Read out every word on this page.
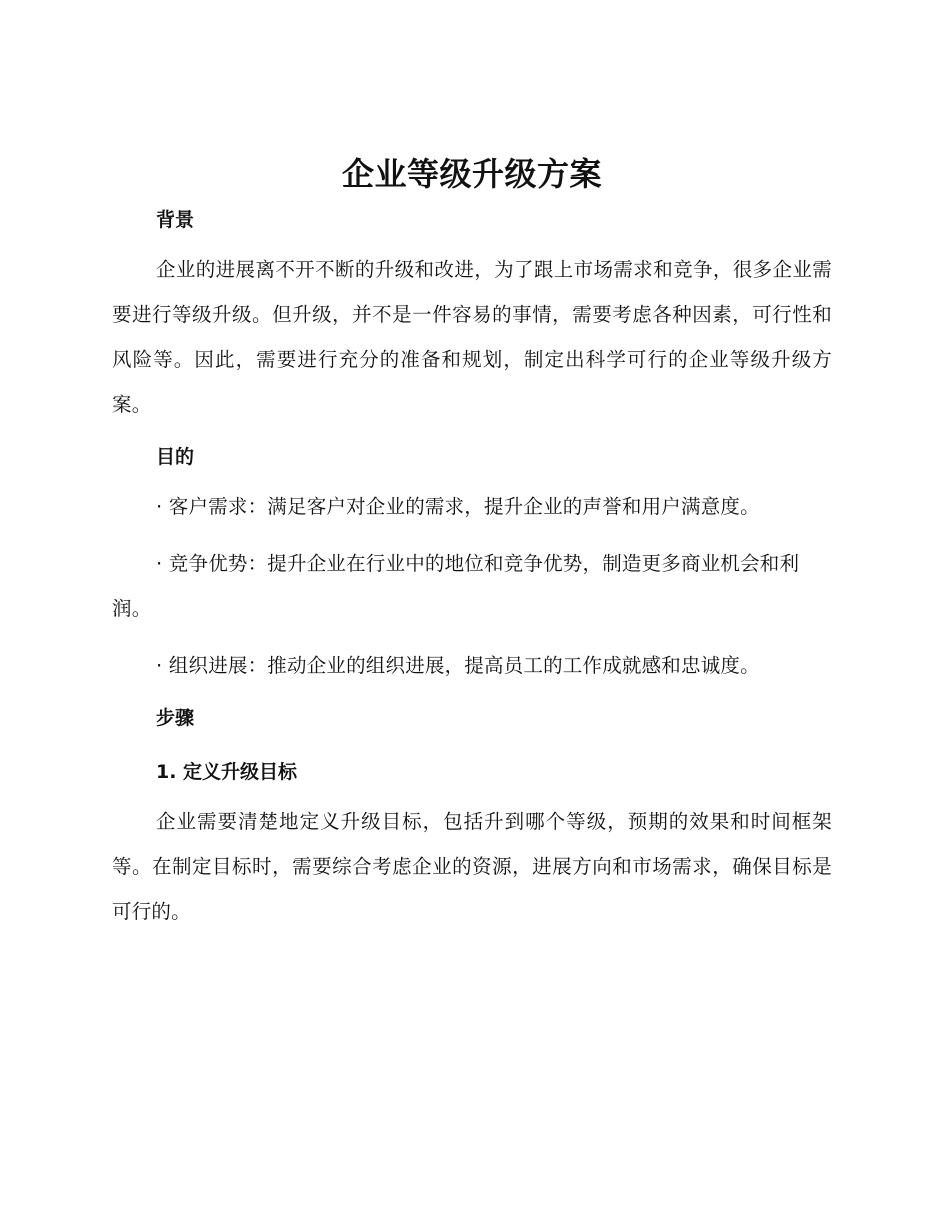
企业等级升级方案
背景

企业的进展离不开不断的升级和改进，为了跟上市场需求和竞争，很多企业需要进行等级升级。但升级，并不是一件容易的事情，需要考虑各种因素，可行性和风险等。因此，需要进行充分的准备和规划，制定出科学可行的企业等级升级方案。

目的

· 客户需求：满足客户对企业的需求，提升企业的声誉和用户满意度。

· 竞争优势：提升企业在行业中的地位和竞争优势，制造更多商业机会和利润。

· 组织进展：推动企业的组织进展，提高员工的工作成就感和忠诚度。

步骤
1. 定义升级目标

企业需要清楚地定义升级目标，包括升到哪个等级，预期的效果和时间框架等。在制定目标时，需要综合考虑企业的资源，进展方向和市场需求，确保目标是可行的。
